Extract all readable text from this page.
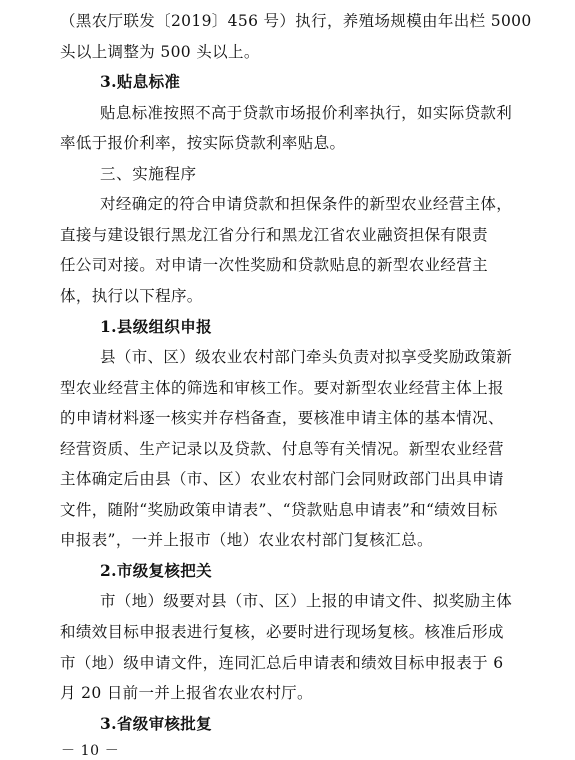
（黑农厅联发〔2019〕456 号）执行，养殖场规模由年出栏 5000
头以上调整为 500 头以上。
3.贴息标准
贴息标准按照不高于贷款市场报价利率执行，如实际贷款利
率低于报价利率，按实际贷款利率贴息。
三、实施程序
对经确定的符合申请贷款和担保条件的新型农业经营主体，
直接与建设银行黑龙江省分行和黑龙江省农业融资担保有限责
任公司对接。对申请一次性奖励和贷款贴息的新型农业经营主
体，执行以下程序。
1.县级组织申报
县（市、区）级农业农村部门牵头负责对拟享受奖励政策新
型农业经营主体的筛选和审核工作。要对新型农业经营主体上报
的申请材料逐一核实并存档备查，要核准申请主体的基本情况、
经营资质、生产记录以及贷款、付息等有关情况。新型农业经营
主体确定后由县（市、区）农业农村部门会同财政部门出具申请
文件，随附“奖励政策申请表”、“贷款贴息申请表”和“绩效目标
申报表”，一并上报市（地）农业农村部门复核汇总。
2.市级复核把关
市（地）级要对县（市、区）上报的申请文件、拟奖励主体
和绩效目标申报表进行复核，必要时进行现场复核。核准后形成
市（地）级申请文件，连同汇总后申请表和绩效目标申报表于 6
月 20 日前一并上报省农业农村厅。
3.省级审核批复
－ 10 －
